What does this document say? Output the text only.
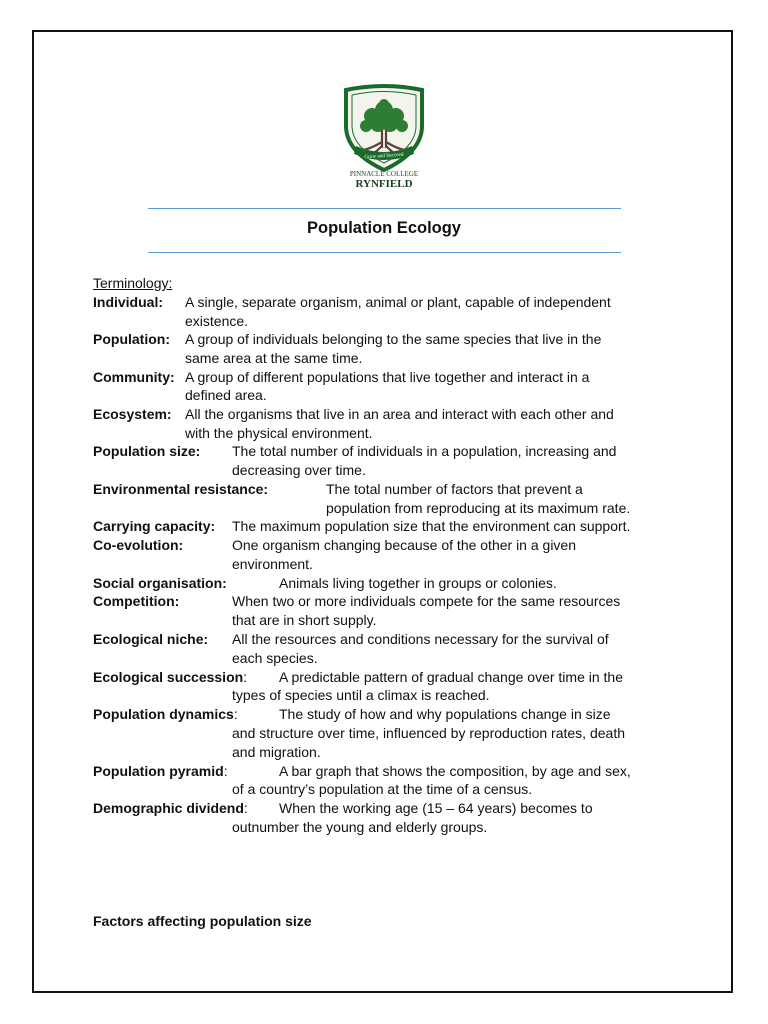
Grow and Succeed
PINNACLE COLLEGE
RYNFIELD
Population Ecology
Terminology:
Individual: A single, separate organism, animal or plant, capable of independent
existence.
Population: A group of individuals belonging to the same species that live in the
same area at the same time.
Community: A group of different populations that live together and interact in a
defined area.
Ecosystem: All the organisms that live in an area and interact with each other and
with the physical environment.
Population size: The total number of individuals in a population, increasing and
decreasing over time.
Environmental resistance:	The total number of factors that prevent a
population from reproducing at its maximum rate.
Carrying capacity: The maximum population size that the environment can support.
Co-evolution:	One organism changing because of the other in a given
environment.
Social organisation:	Animals living together in groups or colonies.
Competition:	When two or more individuals compete for the same resources
that are in short supply.
Ecological niche: All the resources and conditions necessary for the survival of
each species.
Ecological succession: A predictable pattern of gradual change over time in the
types of species until a climax is reached.
Population dynamics:	The study of how and why populations change in size
and structure over time, influenced by reproduction rates, death
and migration.
Population pyramid:	A bar graph that shows the composition, by age and sex,
of a country’s population at the time of a census.
Demographic dividend: When the working age (15 – 64 years) becomes to
outnumber the young and elderly groups.
Factors affecting population size
